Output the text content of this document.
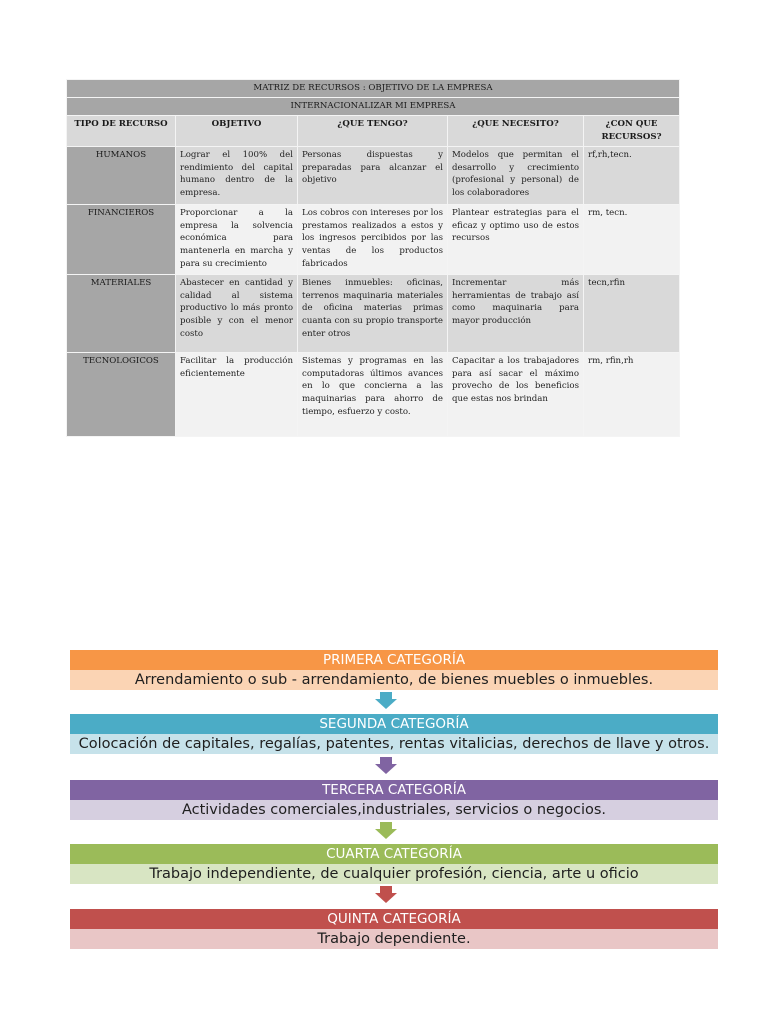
MATRIZ DE RECURSOS : OBJETIVO DE LA EMPRESA				
INTERNACIONALIZAR MI EMPRESA				
TIPO DE RECURSO	OBJETIVO	¿QUE TENGO?	¿QUE NECESITO?	¿CON QUE RECURSOS?
HUMANOS	Lograr el 100% del rendimiento del capital humano dentro de la empresa.	Personas dispuestas y preparadas para alcanzar el objetivo	Modelos que permitan el desarrollo y crecimiento (profesional y personal) de los colaboradores	rf,rh,tecn.
FINANCIEROS	Proporcionar a la empresa la solvencia económica para mantenerla en marcha y para su crecimiento	Los cobros con intereses por los prestamos realizados a estos y los ingresos percibidos por las ventas de los productos fabricados	Plantear estrategias para el eficaz y optimo uso de estos recursos	rm, tecn.
MATERIALES	Abastecer en cantidad y calidad al sistema productivo lo más pronto posible y con el menor costo	Bienes inmuebles: oficinas, terrenos maquinaria materiales de oficina materias primas cuanta con su propio transporte enter otros	Incrementar más herramientas de trabajo así como maquinaria para mayor producción	tecn,rfin
TECNOLOGICOS	Facilitar la producción eficientemente	Sistemas y programas en las computadoras últimos avances en lo que concierna a las maquinarias para ahorro de tiempo, esfuerzo y costo.	Capacitar a los trabajadores para así sacar el máximo provecho de los beneficios que estas nos brindan	rm, rfin,rh
PRIMERA CATEGORÍA
Arrendamiento o sub - arrendamiento, de bienes muebles o inmuebles.
SEGUNDA CATEGORÍA
Colocación de capitales, regalías, patentes, rentas vitalicias, derechos de llave y otros.
TERCERA CATEGORÍA
Actividades comerciales,industriales, servicios o negocios.
CUARTA CATEGORÍA
Trabajo independiente, de cualquier profesión, ciencia, arte u oficio
QUINTA CATEGORÍA
Trabajo dependiente.
